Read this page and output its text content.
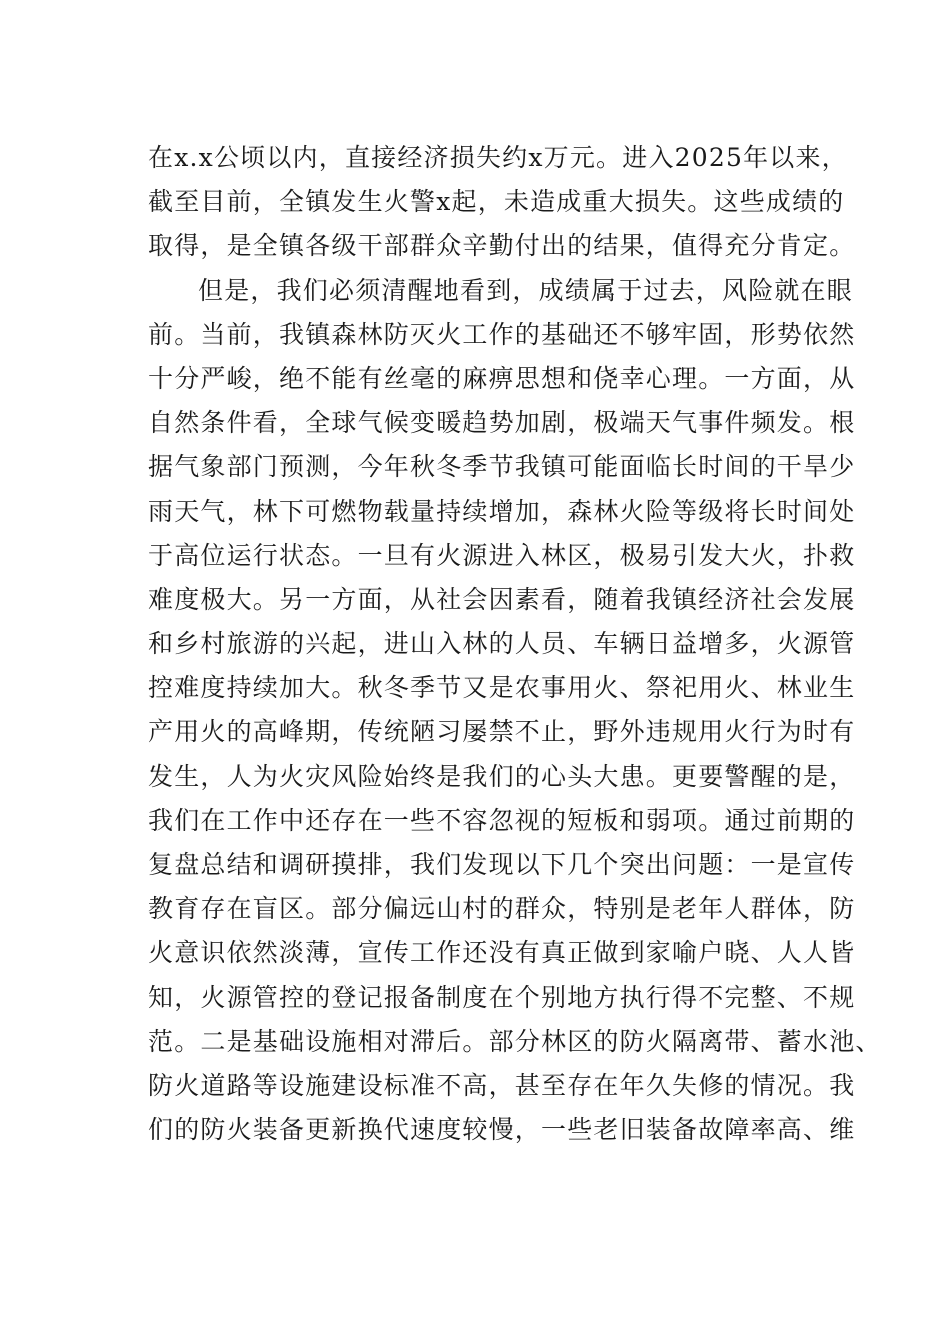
在x.x公顷以内，直接经济损失约x万元。进入2025年以来，
截至目前，全镇发生火警x起，未造成重大损失。这些成绩的
取得，是全镇各级干部群众辛勤付出的结果，值得充分肯定。
但是，我们必须清醒地看到，成绩属于过去，风险就在眼
前。当前，我镇森林防灭火工作的基础还不够牢固，形势依然
十分严峻，绝不能有丝毫的麻痹思想和侥幸心理。一方面，从
自然条件看，全球气候变暖趋势加剧，极端天气事件频发。根
据气象部门预测，今年秋冬季节我镇可能面临长时间的干旱少
雨天气，林下可燃物载量持续增加，森林火险等级将长时间处
于高位运行状态。一旦有火源进入林区，极易引发大火，扑救
难度极大。另一方面，从社会因素看，随着我镇经济社会发展
和乡村旅游的兴起，进山入林的人员、车辆日益增多，火源管
控难度持续加大。秋冬季节又是农事用火、祭祀用火、林业生
产用火的高峰期，传统陋习屡禁不止，野外违规用火行为时有
发生，人为火灾风险始终是我们的心头大患。更要警醒的是，
我们在工作中还存在一些不容忽视的短板和弱项。通过前期的
复盘总结和调研摸排，我们发现以下几个突出问题：一是宣传
教育存在盲区。部分偏远山村的群众，特别是老年人群体，防
火意识依然淡薄，宣传工作还没有真正做到家喻户晓、人人皆
知，火源管控的登记报备制度在个别地方执行得不完整、不规
范。二是基础设施相对滞后。部分林区的防火隔离带、蓄水池、
防火道路等设施建设标准不高，甚至存在年久失修的情况。我
们的防火装备更新换代速度较慢，一些老旧装备故障率高、维
